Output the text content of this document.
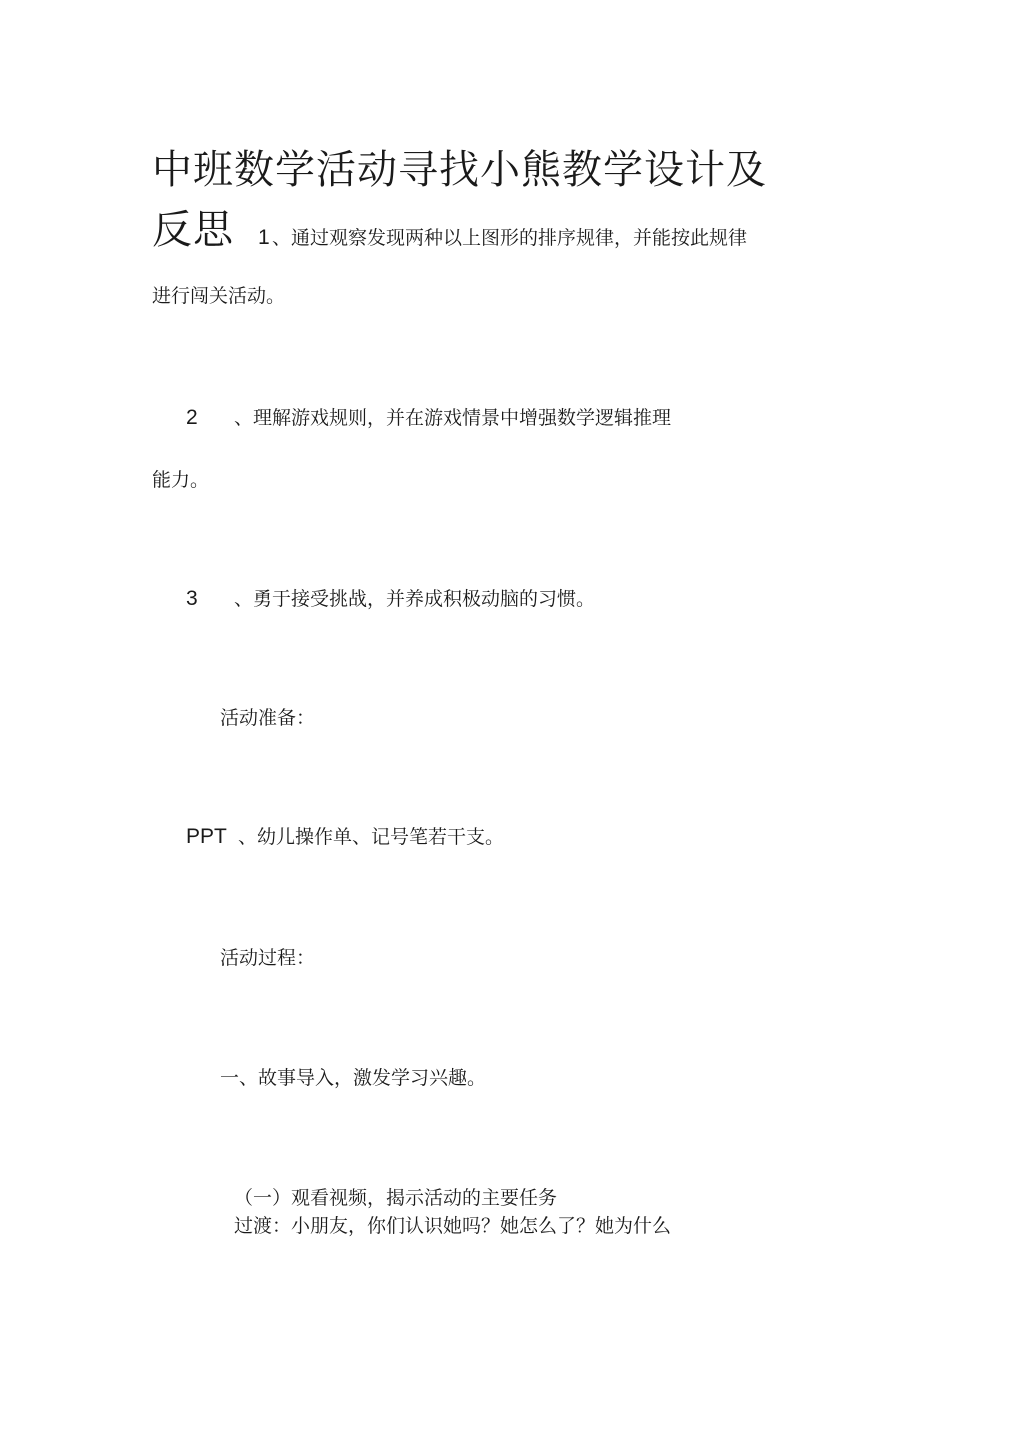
中班数学活动寻找小熊教学设计及
反思 1 、通过观察发现两种以上图形的排序规律，并能按此规律
进行闯关活动。
2 、理解游戏规则，并在游戏情景中增强数学逻辑推理
能力。
3 、勇于接受挑战，并养成积极动脑的习惯。
活动准备：
PPT 、幼儿操作单、记号笔若干支。
活动过程：
一、故事导入，激发学习兴趣。
（一）观看视频，揭示活动的主要任务
过渡：小朋友，你们认识她吗？她怎么了？她为什么
